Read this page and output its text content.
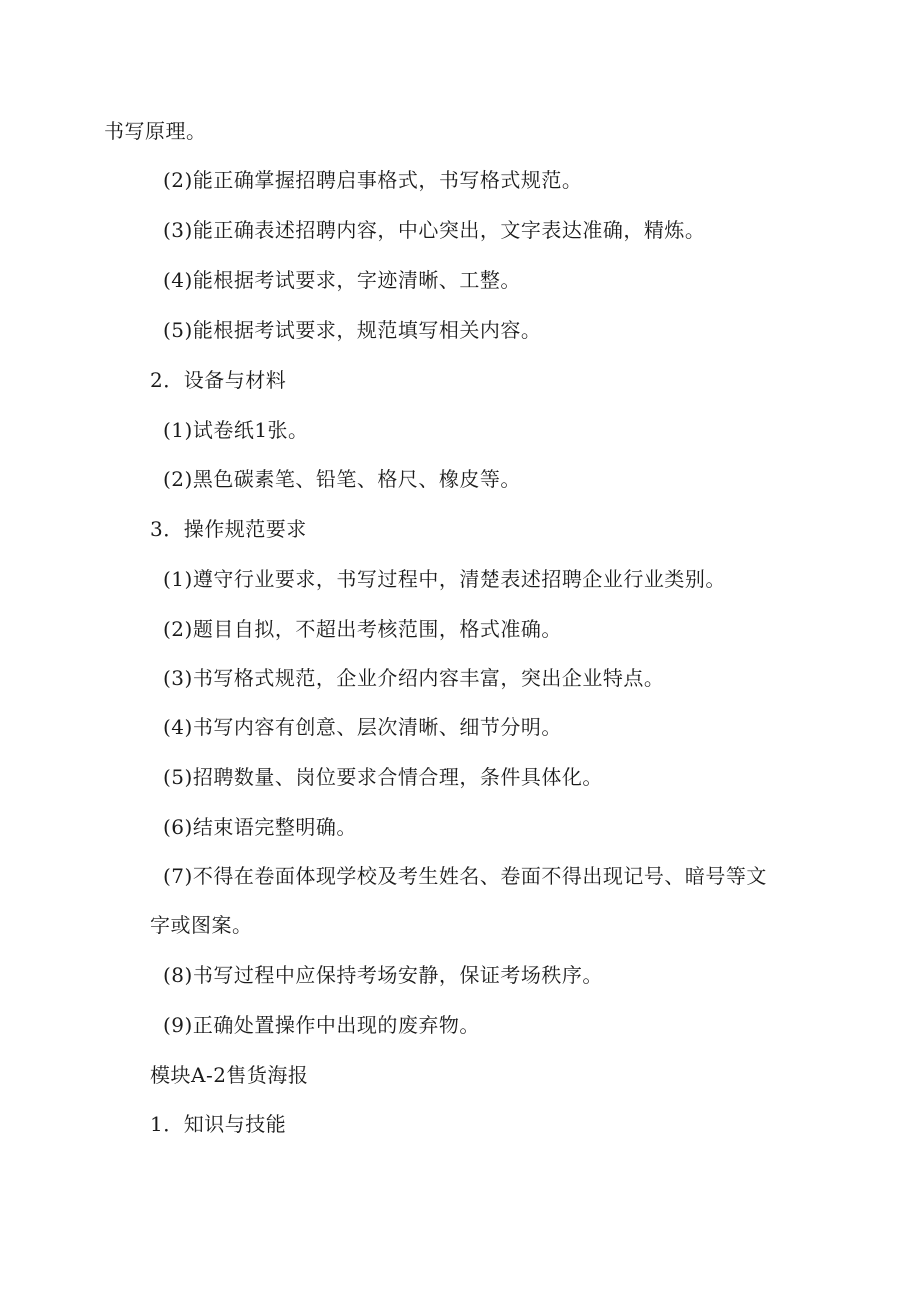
书写原理。
(2)能正确掌握招聘启事格式，书写格式规范。
(3)能正确表述招聘内容，中心突出，文字表达准确，精炼。
(4)能根据考试要求，字迹清晰、工整。
(5)能根据考试要求，规范填写相关内容。
2．设备与材料
(1)试卷纸1张。
(2)黑色碳素笔、铅笔、格尺、橡皮等。
3．操作规范要求
(1)遵守行业要求，书写过程中，清楚表述招聘企业行业类别。
(2)题目自拟，不超出考核范围，格式准确。
(3)书写格式规范，企业介绍内容丰富，突出企业特点。
(4)书写内容有创意、层次清晰、细节分明。
(5)招聘数量、岗位要求合情合理，条件具体化。
(6)结束语完整明确。
(7)不得在卷面体现学校及考生姓名、卷面不得出现记号、暗号等文
字或图案。
(8)书写过程中应保持考场安静，保证考场秩序。
(9)正确处置操作中出现的废弃物。
模块A-2售货海报
1．知识与技能
